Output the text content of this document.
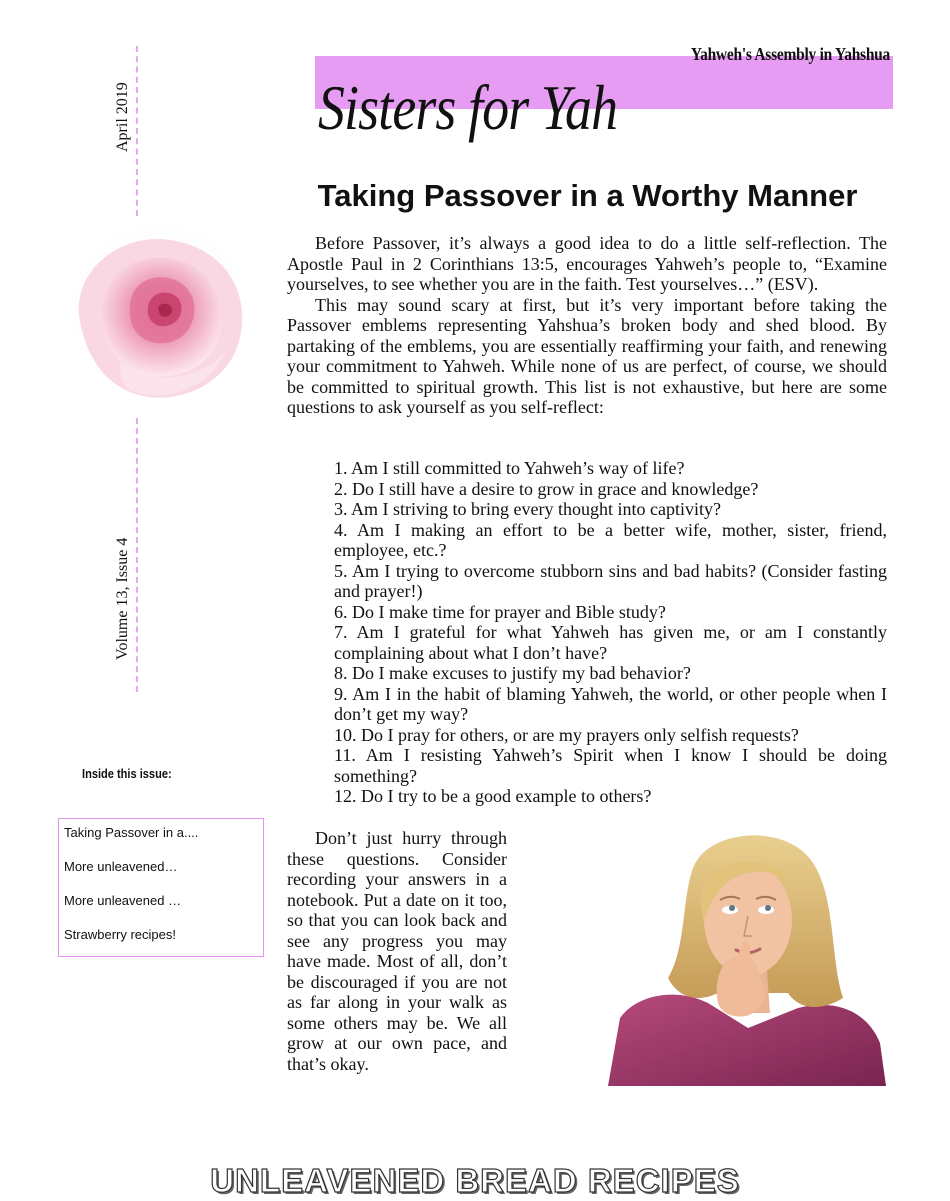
Yahweh's Assembly in Yahshua
Sisters for Yah
April 2019
Volume 13, Issue 4
Inside this issue:
Taking Passover in a....
More unleavened…
More unleavened …
Strawberry recipes!
Taking Passover in a Worthy Manner

Before Passover, it’s always a good idea to do a little self-reflection. The Apostle Paul in 2 Corinthians 13:5, encourages Yahweh’s people to, “Examine yourselves, to see whether you are in the faith. Test yourselves…” (ESV).

This may sound scary at first, but it’s very important before taking the Passover emblems representing Yahshua’s broken body and shed blood. By partaking of the emblems, you are essentially reaffirming your faith, and renewing your commitment to Yahweh. While none of us are perfect, of course, we should be committed to spiritual growth. This list is not exhaustive, but here are some questions to ask yourself as you self-reflect:

1. Am I still committed to Yahweh’s way of life?
2. Do I still have a desire to grow in grace and knowledge?
3. Am I striving to bring every thought into captivity?
4. Am I making an effort to be a better wife, mother, sister, friend, employee, etc.?
5. Am I trying to overcome stubborn sins and bad habits? (Consider fasting and prayer!)
6. Do I make time for prayer and Bible study?
7. Am I grateful for what Yahweh has given me, or am I constantly complaining about what I don’t have?
8. Do I make excuses to justify my bad behavior?
9. Am I in the habit of blaming Yahweh, the world, or other people when I don’t get my way?
10. Do I pray for others, or are my prayers only selfish requests?
11. Am I resisting Yahweh’s Spirit when I know I should be doing something?
12. Do I try to be a good example to others?

Don’t just hurry through these questions. Consider recording your answers in a notebook. Put a date on it too, so that you can look back and see any progress you may have made. Most of all, don’t be discouraged if you are not as far along in your walk as some others may be. We all grow at our own pace, and that’s okay.

UNLEAVENED BREAD RECIPES
